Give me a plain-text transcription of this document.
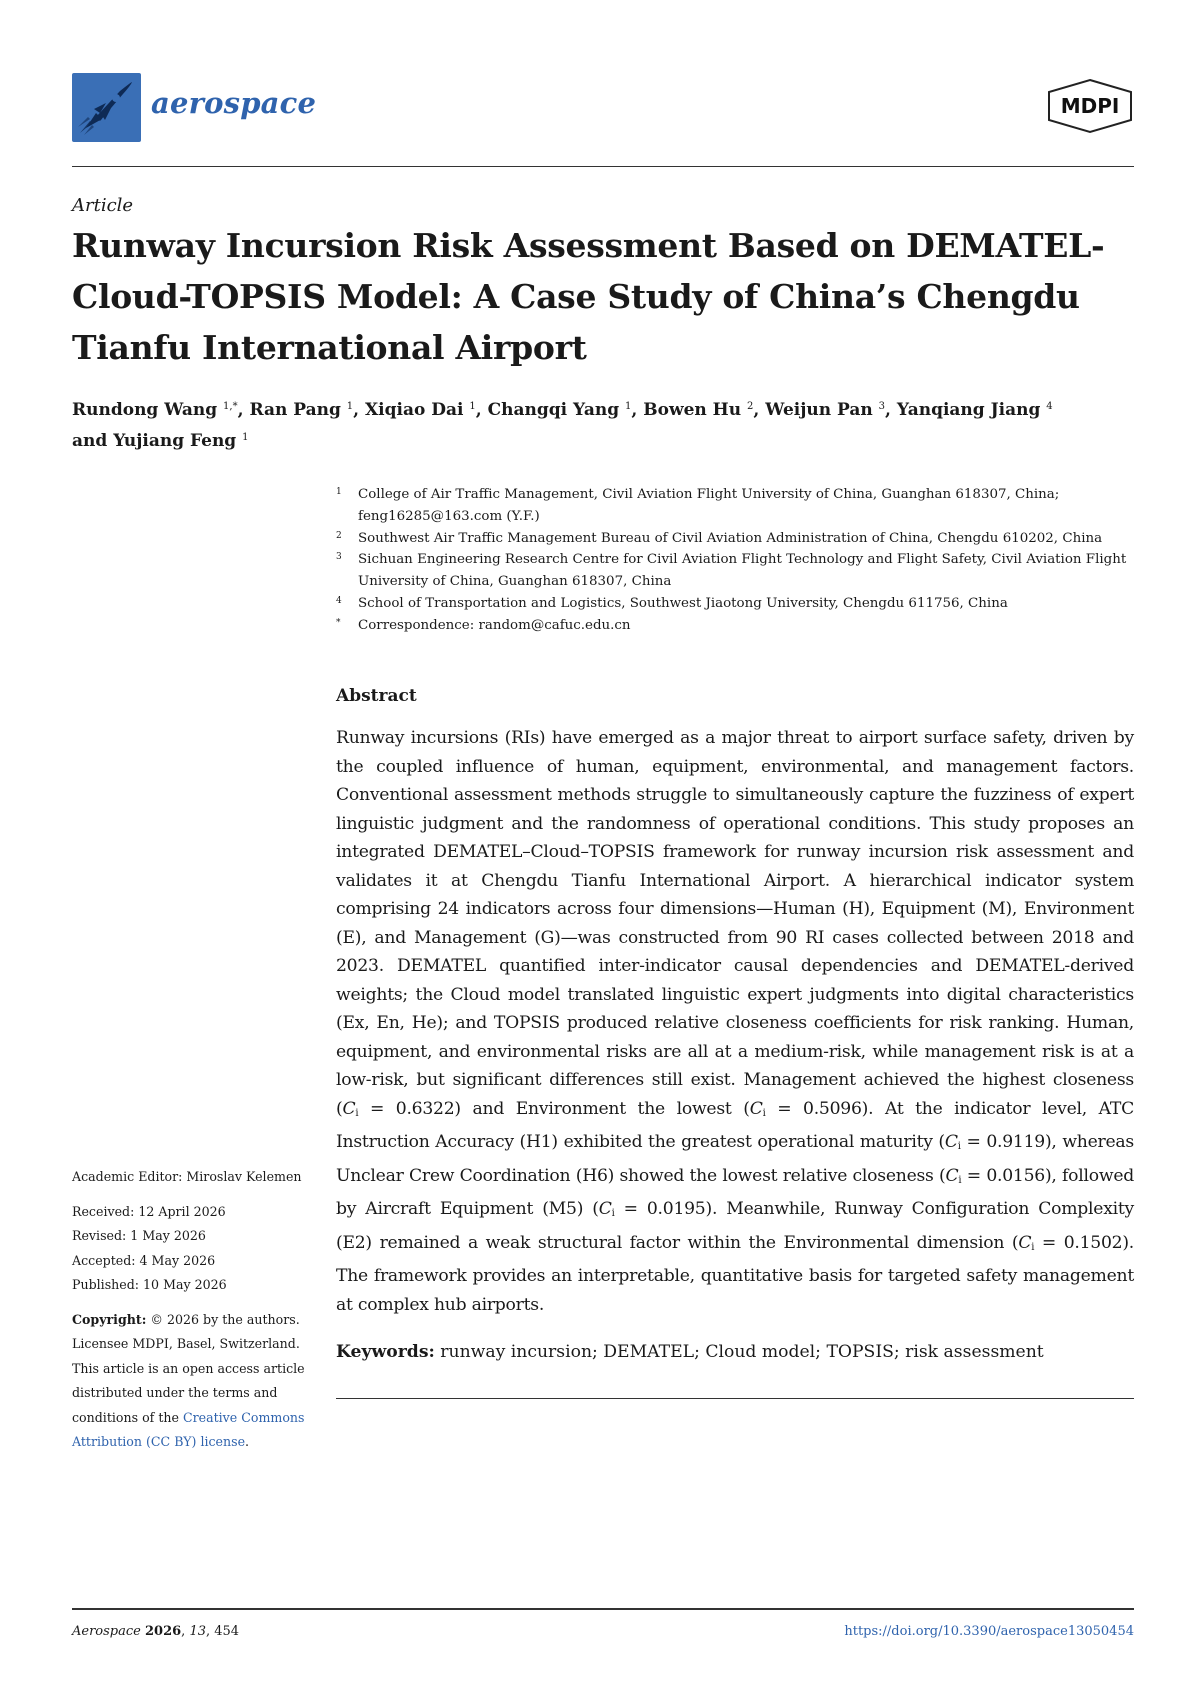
aerospace	MDPI
Article
Runway Incursion Risk Assessment Based on DEMATEL-Cloud-TOPSIS Model: A Case Study of China’s Chengdu Tianfu International Airport
Rundong Wang $^{1,*}$, Ran Pang $^1$, Xiqiao Dai $^1$, Changqi Yang $^1$, Bowen Hu $^2$, Weijun Pan $^3$, Yanqiang Jiang $^4$
and Yujiang Feng $^1$
1	College of Air Traffic Management, Civil Aviation Flight University of China, Guanghan 618307, China; feng16285@163.com (Y.F.)
2	Southwest Air Traffic Management Bureau of Civil Aviation Administration of China, Chengdu 610202, China
3	Sichuan Engineering Research Centre for Civil Aviation Flight Technology and Flight Safety, Civil Aviation Flight University of China, Guanghan 618307, China
4	School of Transportation and Logistics, Southwest Jiaotong University, Chengdu 611756, China
*	Correspondence: random@cafuc.edu.cn
Abstract
Runway incursions (RIs) have emerged as a major threat to airport surface safety, driven by the coupled influence of human, equipment, environmental, and management factors. Conventional assessment methods struggle to simultaneously capture the fuzziness of expert linguistic judgment and the randomness of operational conditions. This study proposes an integrated DEMATEL–Cloud–TOPSIS framework for runway incursion risk assessment and validates it at Chengdu Tianfu International Airport. A hierarchical indicator system comprising 24 indicators across four dimensions—Human (H), Equipment (M), Environment (E), and Management (G)—was constructed from 90 RI cases collected between 2018 and 2023. DEMATEL quantified inter-indicator causal dependencies and DEMATEL-derived weights; the Cloud model translated linguistic expert judgments into digital characteristics (Ex, En, He); and TOPSIS produced relative closeness coefficients for risk ranking. Human, equipment, and environmental risks are all at a medium-risk, while management risk is at a low-risk, but significant differences still exist. Management achieved the highest closeness $(C_i = 0.6322)$ and Environment the lowest $(C_i = 0.5096)$. At the indicator level, ATC Instruction Accuracy (H1) exhibited the greatest operational maturity $(C_i = 0.9119)$, whereas Unclear Crew Coordination (H6) showed the lowest relative closeness $(C_i = 0.0156)$, followed by Aircraft Equipment (M5) $(C_i = 0.0195)$. Meanwhile, Runway Configuration Complexity (E2) remained a weak structural factor within the Environmental dimension $(C_i = 0.1502)$. The framework provides an interpretable, quantitative basis for targeted safety management at complex hub airports.
Keywords: runway incursion; DEMATEL; Cloud model; TOPSIS; risk assessment
Academic Editor: Miroslav Kelemen
Received: 12 April 2026
Revised: 1 May 2026
Accepted: 4 May 2026
Published: 10 May 2026
Copyright: © 2026 by the authors.
Licensee MDPI, Basel, Switzerland.
This article is an open access article
distributed under the terms and
conditions of the Creative Commons
Attribution (CC BY) license.
Aerospace 2026, 13, 454	https://doi.org/10.3390/aerospace13050454
